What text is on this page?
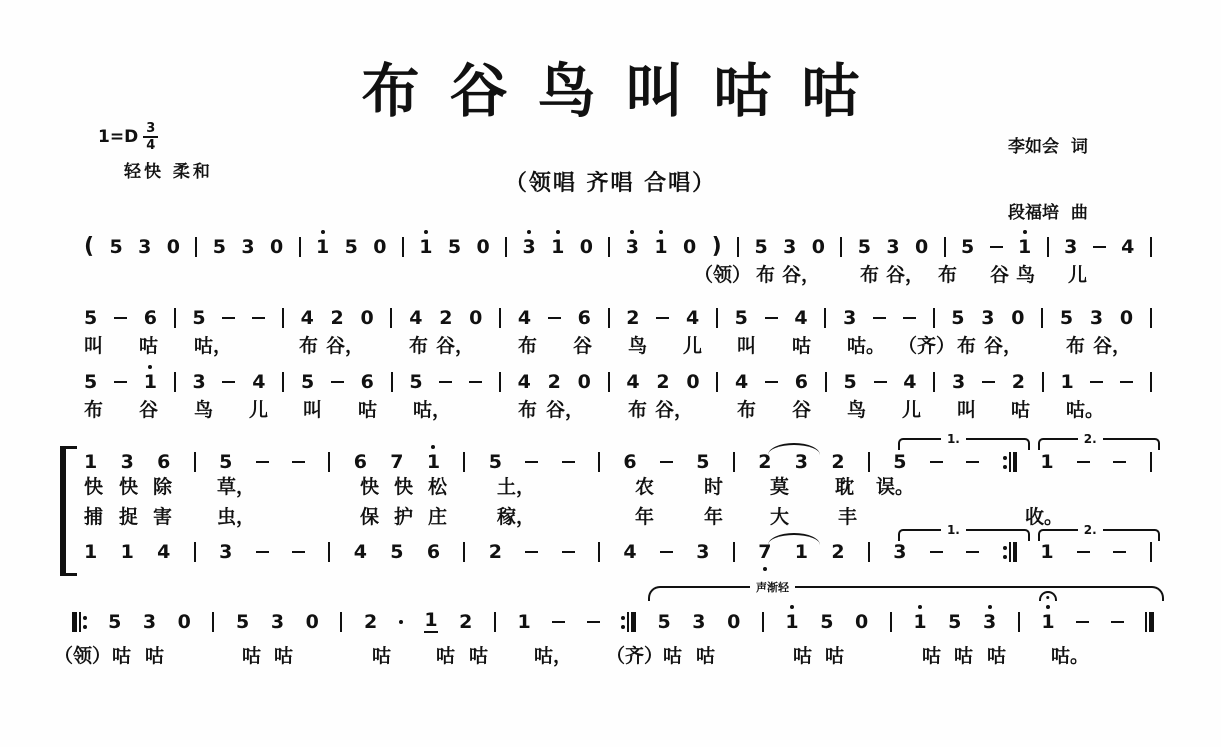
$1=D \frac{3}{4}$
轻快 柔和
布谷鸟叫咕咕
（领唱 齐唱 合唱）
李如会  词

段福培  曲
( 5 3 0 5 3 0 1 5 0 1 5 0 3 1 0 3 1 0 ) 5 3 0 5 3 0 5 1 3 4
（领） 布 谷， 布 谷， 布 谷 鸟 儿
5 6 5	4 2 0 4 2 0 4 6 2 4 5 4 3	5 3 0 5 3 0
叫 咕 咕，	布 谷， 布 谷， 布 谷 鸟 儿 叫 咕 咕。 （齐） 布 谷， 布 谷，
5 1 3 4 5 6 5	4 2 0 4 2 0 4 6 5 4 3 2 1
布 谷 鸟 儿 叫 咕 咕，	布 谷， 布 谷， 布 谷 鸟 儿 叫 咕 咕。
1 3 6	5	6 7 1	5	6	5	2 3 2	5	1
快 快 除 草，	快 快 松	土，	农	时 莫 耽 误。
捕 捉 害 虫，	保 护 庄	稼，	年	年 大	丰	收。
1 1 4	3	4 5 6	2	4	3	7 1 2	3	1
5 3 0 5 3 0 2 1 2 1	5 3 0 1 5 0 1 5 3 1
（领） 咕 咕	咕 咕	咕 咕 咕 咕， （齐） 咕 咕	咕 咕	咕 咕 咕 咕。
1.	2.
1.	2.
声渐轻
